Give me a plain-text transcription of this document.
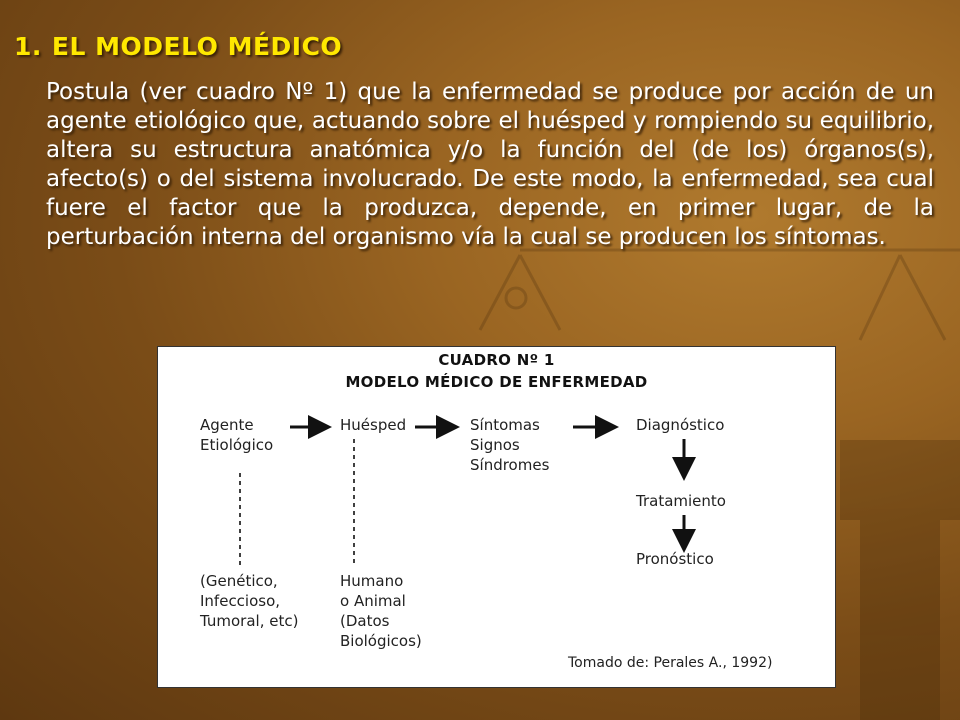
1. EL MODELO MÉDICO
Postula (ver cuadro Nº 1) que la enfermedad se produce por acción de un agente etiológico que, actuando sobre el huésped y rompiendo su equilibrio, altera su estructura anatómica y/o la función del (de los) órganos(s), afecto(s) o del sistema involucrado. De este modo, la enfermedad, sea cual fuere el factor que la produzca, depende, en primer lugar, de la perturbación interna del organismo vía la cual se producen los síntomas.
CUADRO Nº 1
MODELO MÉDICO DE ENFERMEDAD
Agente
Etiológico
Huésped	Síntomas
Signos
Síndromes
Diagnóstico
Tratamiento
Pronóstico
(Genético,
Infeccioso,
Tumoral, etc)
Humano
o Animal
(Datos
Biológicos)
Tomado de: Perales A., 1992)
